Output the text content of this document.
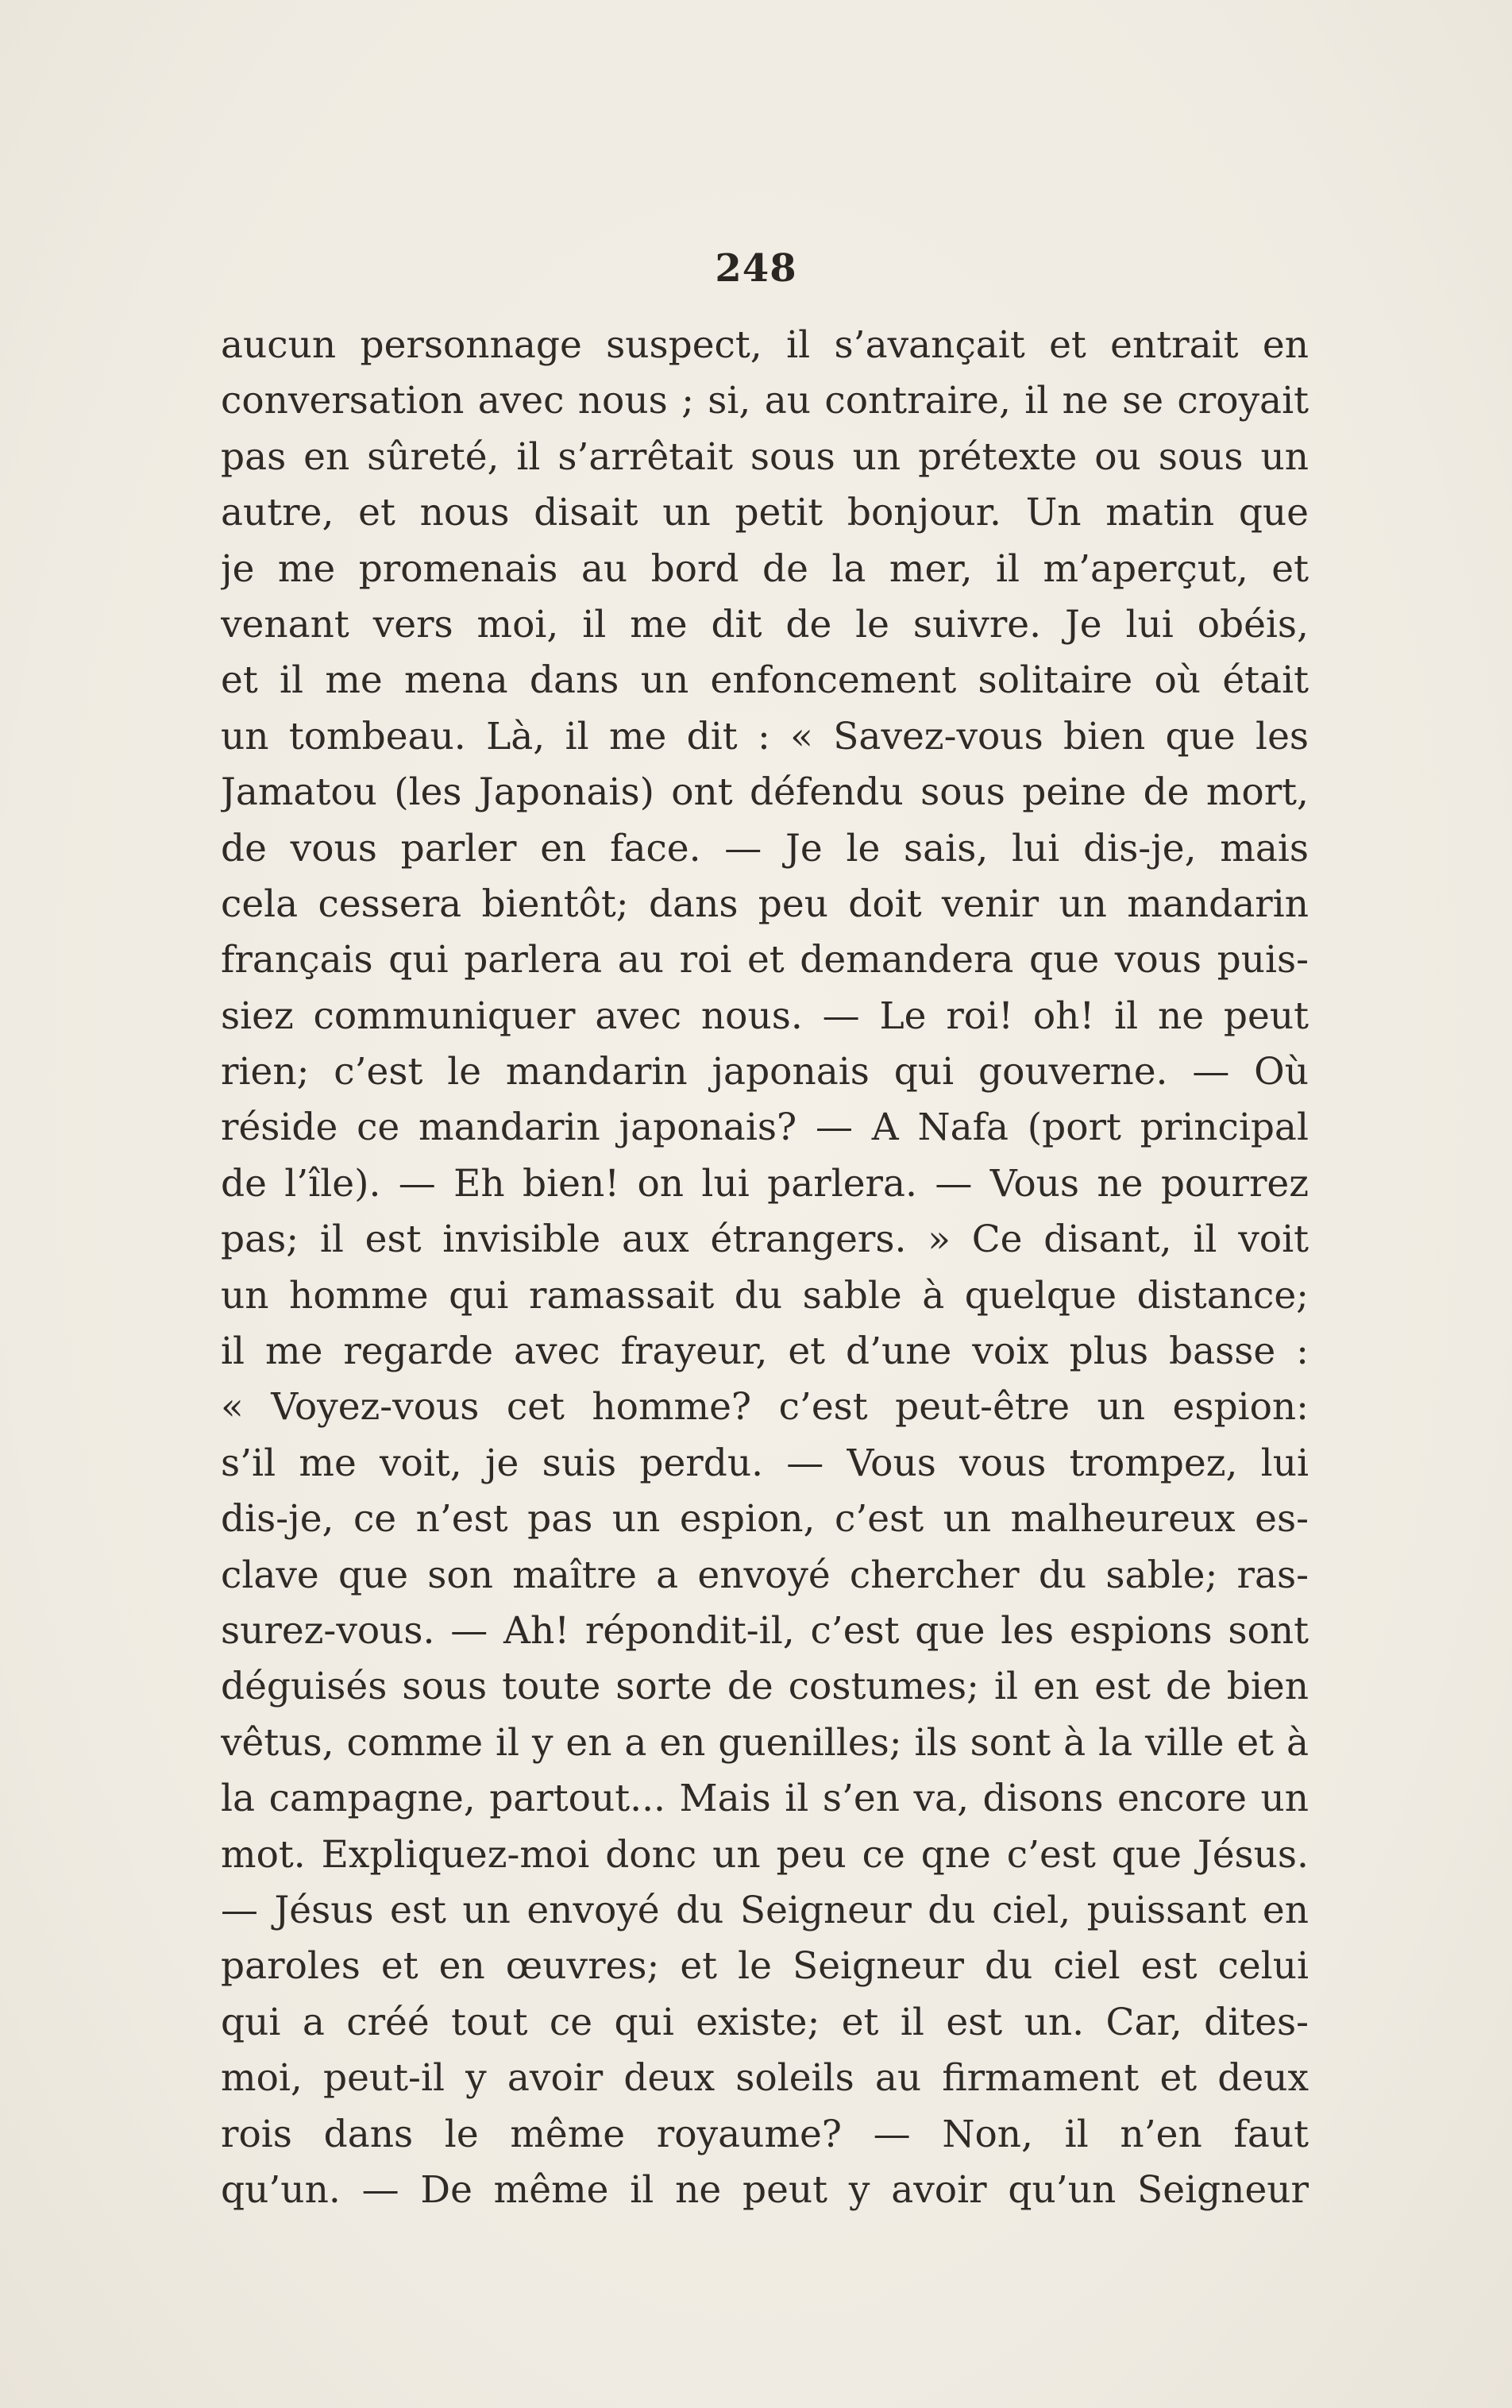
248
aucun personnage suspect, il s’avançait et entrait en
conversation avec nous ; si, au contraire, il ne se croyait
pas en sûreté, il s’arrêtait sous un prétexte ou sous un
autre, et nous disait un petit bonjour. Un matin que
je me promenais au bord de la mer, il m’aperçut, et
venant vers moi, il me dit de le suivre. Je lui obéis,
et il me mena dans un enfoncement solitaire où était
un tombeau. Là, il me dit : « Savez-vous bien que les
Jamatou (les Japonais) ont défendu sous peine de mort,
de vous parler en face. — Je le sais, lui dis-je, mais
cela cessera bientôt; dans peu doit venir un mandarin
français qui parlera au roi et demandera que vous puis-
siez communiquer avec nous. — Le roi! oh! il ne peut
rien; c’est le mandarin japonais qui gouverne. — Où
réside ce mandarin japonais? — A Nafa (port principal
de l’île). — Eh bien! on lui parlera. — Vous ne pourrez
pas; il est invisible aux étrangers. » Ce disant, il voit
un homme qui ramassait du sable à quelque distance;
il me regarde avec frayeur, et d’une voix plus basse :
« Voyez-vous cet homme? c’est peut-être un espion:
s’il me voit, je suis perdu. — Vous vous trompez, lui
dis-je, ce n’est pas un espion, c’est un malheureux es-
clave que son maître a envoyé chercher du sable; ras-
surez-vous. — Ah! répondit-il, c’est que les espions sont
déguisés sous toute sorte de costumes; il en est de bien
vêtus, comme il y en a en guenilles; ils sont à la ville et à
la campagne, partout... Mais il s’en va, disons encore un
mot. Expliquez-moi donc un peu ce qne c’est que Jésus.
— Jésus est un envoyé du Seigneur du ciel, puissant en
paroles et en œuvres; et le Seigneur du ciel est celui
qui a créé tout ce qui existe; et il est un. Car, dites-
moi, peut-il y avoir deux soleils au firmament et deux
rois dans le même royaume? — Non, il n’en faut
qu’un. — De même il ne peut y avoir qu’un Seigneur
